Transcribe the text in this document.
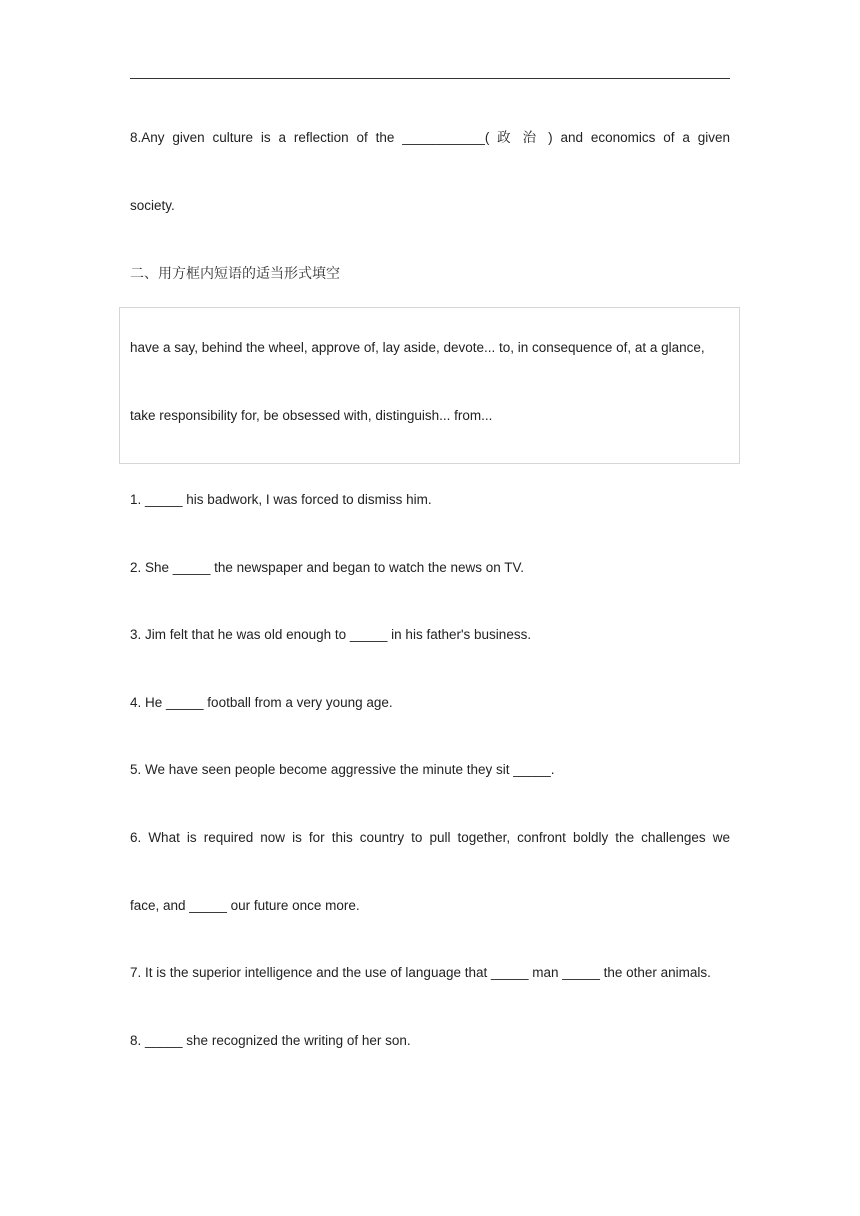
8.Any given culture is a reflection of the ___________( 政 治 ) and economics of a given
society.
二、用方框内短语的适当形式填空
have a say, behind the wheel, approve of, lay aside, devote... to, in consequence of, at a glance,
take responsibility for, be obsessed with, distinguish... from...
1. _____ his badwork, I was forced to dismiss him.
2. She _____ the newspaper and began to watch the news on TV.
3. Jim felt that he was old enough to _____ in his father's business.
4. He _____ football from a very young age.
5. We have seen people become aggressive the minute they sit _____.
6. What is required now is for this country to pull together, confront boldly the challenges we
face, and _____ our future once more.
7. It is the superior intelligence and the use of language that _____ man _____ the other animals.
8. _____ she recognized the writing of her son.
